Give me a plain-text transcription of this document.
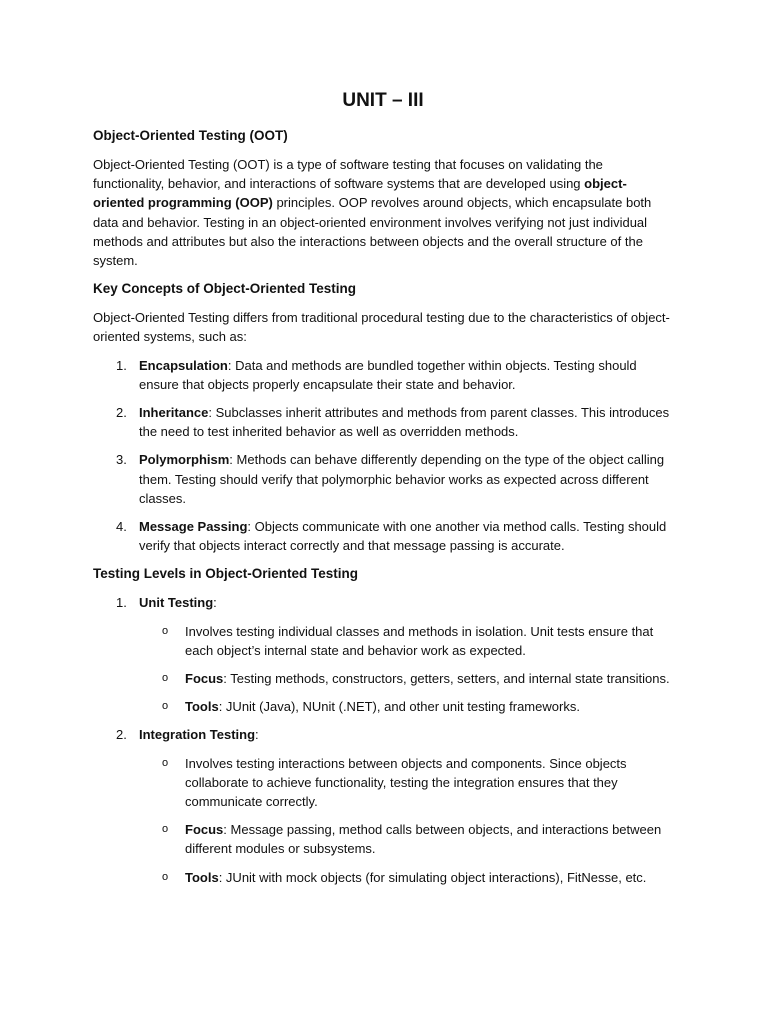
UNIT – III
Object-Oriented Testing (OOT)

Object-Oriented Testing (OOT) is a type of software testing that focuses on validating the functionality, behavior, and interactions of software systems that are developed using object-oriented programming (OOP) principles. OOP revolves around objects, which encapsulate both data and behavior. Testing in an object-oriented environment involves verifying not just individual methods and attributes but also the interactions between objects and the overall structure of the system.

Key Concepts of Object-Oriented Testing

Object-Oriented Testing differs from traditional procedural testing due to the characteristics of object-oriented systems, such as:

1. Encapsulation: Data and methods are bundled together within objects. Testing should ensure that objects properly encapsulate their state and behavior.
2. Inheritance: Subclasses inherit attributes and methods from parent classes. This introduces the need to test inherited behavior as well as overridden methods.
3. Polymorphism: Methods can behave differently depending on the type of the object calling them. Testing should verify that polymorphic behavior works as expected across different classes.
4. Message Passing: Objects communicate with one another via method calls. Testing should verify that objects interact correctly and that message passing is accurate.
Testing Levels in Object-Oriented Testing
1. Unit Testing:
o Involves testing individual classes and methods in isolation. Unit tests ensure that each object’s internal state and behavior work as expected.
o Focus: Testing methods, constructors, getters, setters, and internal state transitions.
o Tools: JUnit (Java), NUnit (.NET), and other unit testing frameworks.
2. Integration Testing:
o Involves testing interactions between objects and components. Since objects collaborate to achieve functionality, testing the integration ensures that they communicate correctly.
o Focus: Message passing, method calls between objects, and interactions between different modules or subsystems.
o Tools: JUnit with mock objects (for simulating object interactions), FitNesse, etc.
